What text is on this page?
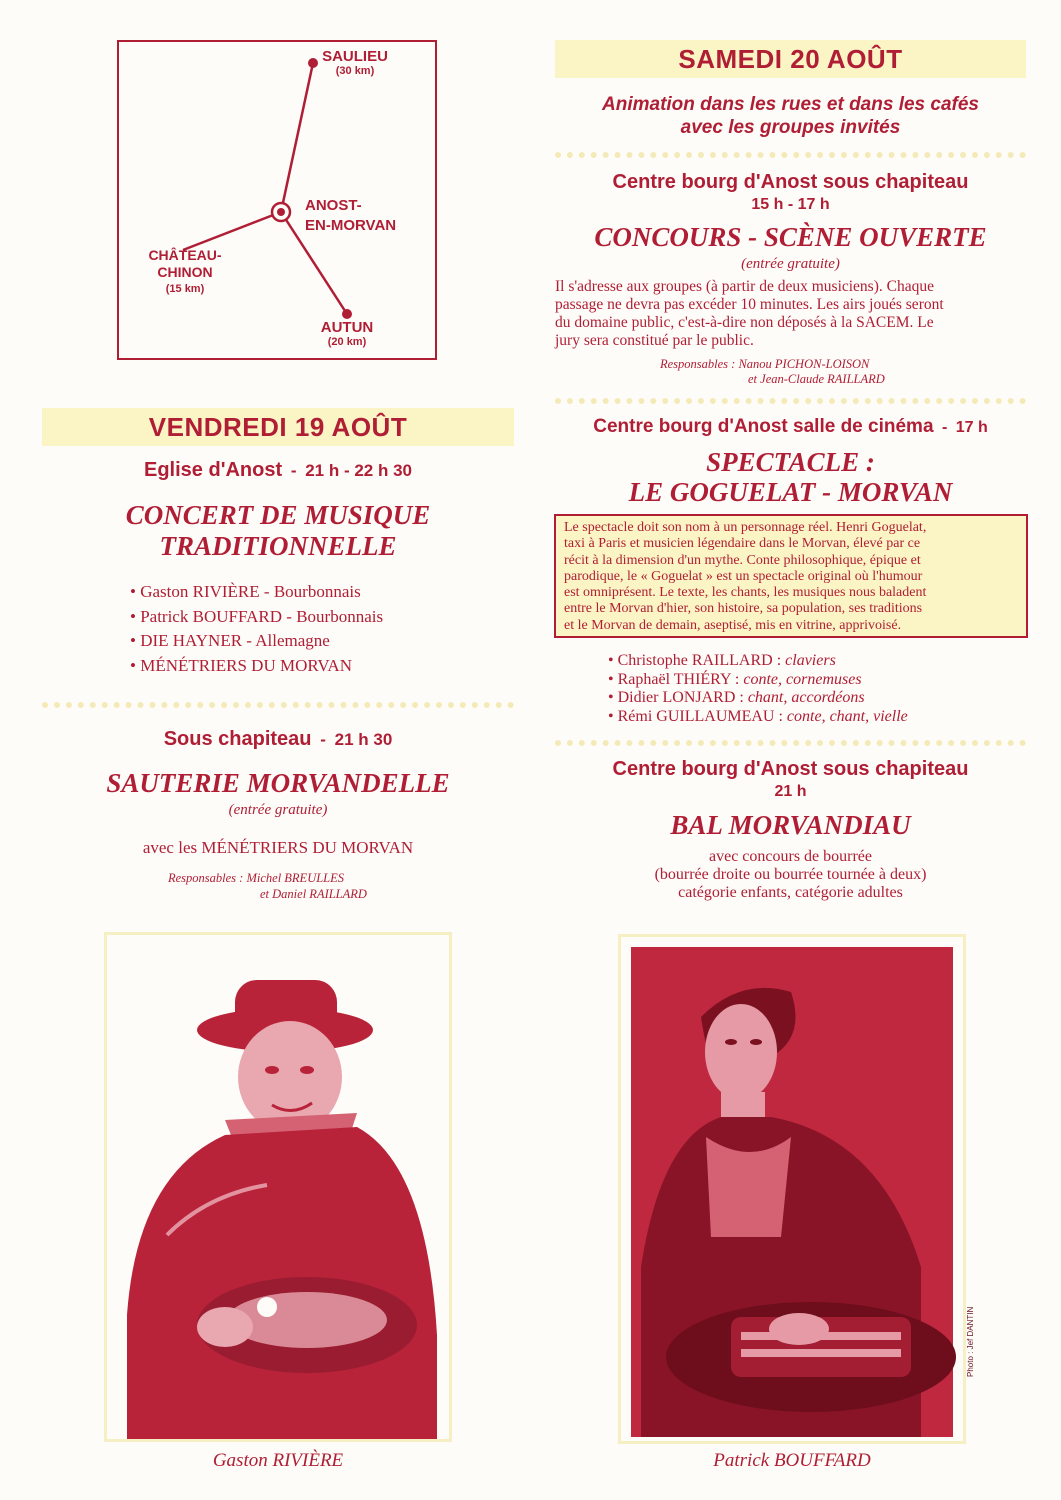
SAULIEU
(30 km)
ANOST-
EN-MORVAN
CHÂTEAU-
CHINON
(15 km)
AUTUN
(20 km)
VENDREDI 19 AOÛT
Eglise d'Anost  -  21 h - 22 h 30
CONCERT DE MUSIQUE
TRADITIONNELLE
• Gaston RIVIÈRE - Bourbonnais
• Patrick BOUFFARD - Bourbonnais
• DIE HAYNER - Allemagne
• MÉNÉTRIERS DU MORVAN
Sous chapiteau  -  21 h 30
SAUTERIE MORVANDELLE
(entrée gratuite)
avec les MÉNÉTRIERS DU MORVAN
Responsables : Michel BREULLES
et Daniel RAILLARD
Gaston RIVIÈRE
SAMEDI 20 AOÛT
Animation dans les rues et dans les cafés
avec les groupes invités
Centre bourg d'Anost sous chapiteau
15 h - 17 h
CONCOURS - SCÈNE OUVERTE
(entrée gratuite)
Il s'adresse aux groupes (à partir de deux musiciens). Chaque
passage ne devra pas excéder 10 minutes. Les airs joués seront
du domaine public, c'est-à-dire non déposés à la SACEM. Le
jury sera constitué par le public.
Responsables : Nanou PICHON-LOISON
et Jean-Claude RAILLARD
Centre bourg d'Anost salle de cinéma  -  17 h
SPECTACLE :
LE GOGUELAT - MORVAN
Le spectacle doit son nom à un personnage réel. Henri Goguelat,
taxi à Paris et musicien légendaire dans le Morvan, élevé par ce
récit à la dimension d'un mythe. Conte philosophique, épique et
parodique, le « Goguelat » est un spectacle original où l'humour
est omniprésent. Le texte, les chants, les musiques nous baladent
entre le Morvan d'hier, son histoire, sa population, ses traditions
et le Morvan de demain, aseptisé, mis en vitrine, apprivoisé.
• Christophe RAILLARD : claviers
• Raphaël THIÉRY : conte, cornemuses
• Didier LONJARD : chant, accordéons
• Rémi GUILLAUMEAU : conte, chant, vielle
Centre bourg d'Anost sous chapiteau
21 h
BAL MORVANDIAU
avec concours de bourrée
(bourrée droite ou bourrée tournée à deux)
catégorie enfants, catégorie adultes
Photo : Jef DANTIN
Patrick BOUFFARD
